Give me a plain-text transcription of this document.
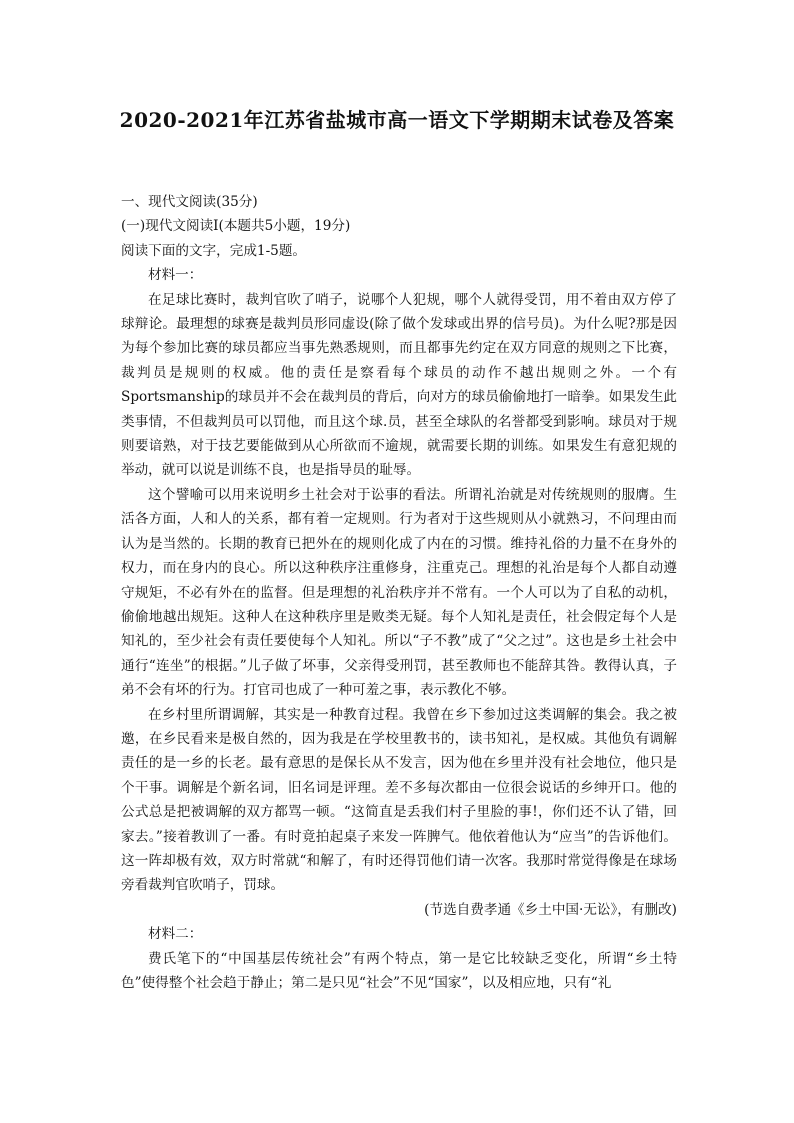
2020-2021年江苏省盐城市高一语文下学期期末试卷及答案

一、现代文阅读(35分)

(一)现代文阅读Ⅰ(本题共5小题，19分)

阅读下面的文字，完成1-5题。

材料一：

在足球比赛时，裁判官吹了哨子，说哪个人犯规，哪个人就得受罚，用不着由双方停了球辩论。最理想的球赛是裁判员形同虚设(除了做个发球或出界的信号员)。为什么呢?那是因为每个参加比赛的球员都应当事先熟悉规则，而且都事先约定在双方同意的规则之下比赛，裁判员是规则的权威。他的责任是察看每个球员的动作不越出规则之外。一个有Sportsmanship的球员并不会在裁判员的背后，向对方的球员偷偷地打一暗拳。如果发生此类事情，不但裁判员可以罚他，而且这个球.员，甚至全球队的名誉都受到影响。球员对于规则要谙熟，对于技艺要能做到从心所欲而不逾规，就需要长期的训练。如果发生有意犯规的举动，就可以说是训练不良，也是指导员的耻辱。

这个譬喻可以用来说明乡土社会对于讼事的看法。所谓礼治就是对传统规则的服膺。生活各方面，人和人的关系，都有着一定规则。行为者对于这些规则从小就熟习，不问理由而认为是当然的。长期的教育已把外在的规则化成了内在的习惯。维持礼俗的力量不在身外的权力，而在身内的良心。所以这种秩序注重修身，注重克己。理想的礼治是每个人都自动遵守规矩，不必有外在的监督。但是理想的礼治秩序并不常有。一个人可以为了自私的动机，偷偷地越出规矩。这种人在这种秩序里是败类无疑。每个人知礼是责任，社会假定每个人是知礼的，至少社会有责任要使每个人知礼。所以“子不教”成了“父之过”。这也是乡土社会中通行“连坐”的根据。”儿子做了坏事，父亲得受刑罚，甚至教师也不能辞其咎。教得认真，子弟不会有坏的行为。打官司也成了一种可羞之事，表示教化不够。

在乡村里所谓调解，其实是一种教育过程。我曾在乡下参加过这类调解的集会。我之被邀，在乡民看来是极自然的，因为我是在学校里教书的，读书知礼，是权威。其他负有调解责任的是一乡的长老。最有意思的是保长从不发言，因为他在乡里并没有社会地位，他只是个干事。调解是个新名词，旧名词是评理。差不多每次都由一位很会说话的乡绅开口。他的公式总是把被调解的双方都骂一顿。“这简直是丢我们村子里脸的事!，你们还不认了错，回家去。”接着教训了一番。有时竟拍起桌子来发一阵脾气。他依着他认为“应当”的告诉他们。这一阵却极有效，双方时常就“和解了，有时还得罚他们请一次客。我那时常觉得像是在球场旁看裁判官吹哨子，罚球。

(节选自费孝通《乡土中国·无讼》，有删改)

材料二：

费氏笔下的“中国基层传统社会”有两个特点，第一是它比较缺乏变化，所谓“乡土特色”使得整个社会趋于静止；第二是只见“社会”不见“国家”，以及相应地，只有“礼
